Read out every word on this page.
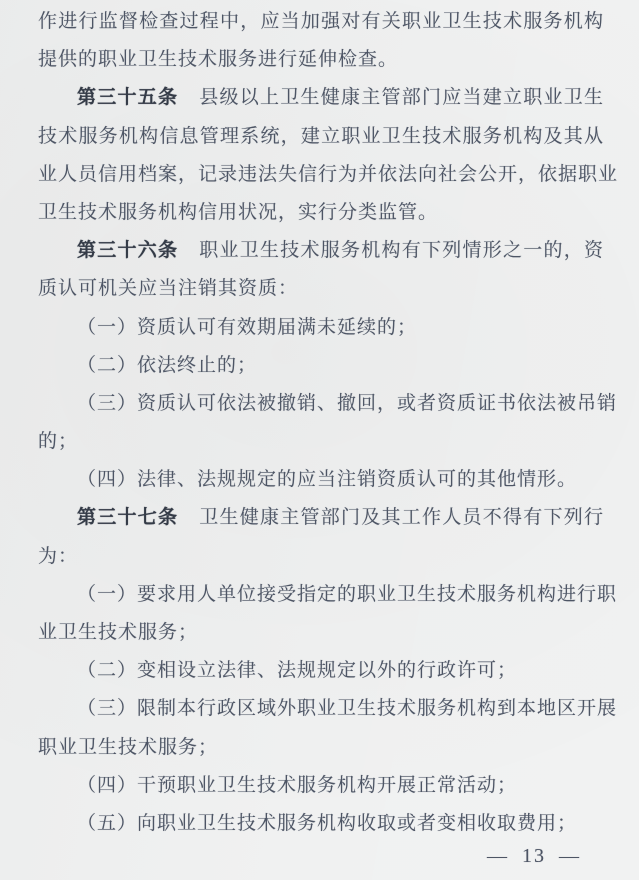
作进行监督检查过程中，应当加强对有关职业卫生技术服务机构
提供的职业卫生技术服务进行延伸检查。
第三十五条 县级以上卫生健康主管部门应当建立职业卫生
技术服务机构信息管理系统，建立职业卫生技术服务机构及其从
业人员信用档案，记录违法失信行为并依法向社会公开，依据职业
卫生技术服务机构信用状况，实行分类监管。
第三十六条 职业卫生技术服务机构有下列情形之一的，资
质认可机关应当注销其资质：
（一）资质认可有效期届满未延续的；
（二）依法终止的；
（三）资质认可依法被撤销、撤回，或者资质证书依法被吊销
的；
（四）法律、法规规定的应当注销资质认可的其他情形。
第三十七条 卫生健康主管部门及其工作人员不得有下列行
为：
（一）要求用人单位接受指定的职业卫生技术服务机构进行职
业卫生技术服务；
（二）变相设立法律、法规规定以外的行政许可；
（三）限制本行政区域外职业卫生技术服务机构到本地区开展
职业卫生技术服务；
（四）干预职业卫生技术服务机构开展正常活动；
（五）向职业卫生技术服务机构收取或者变相收取费用；
— 13 —
